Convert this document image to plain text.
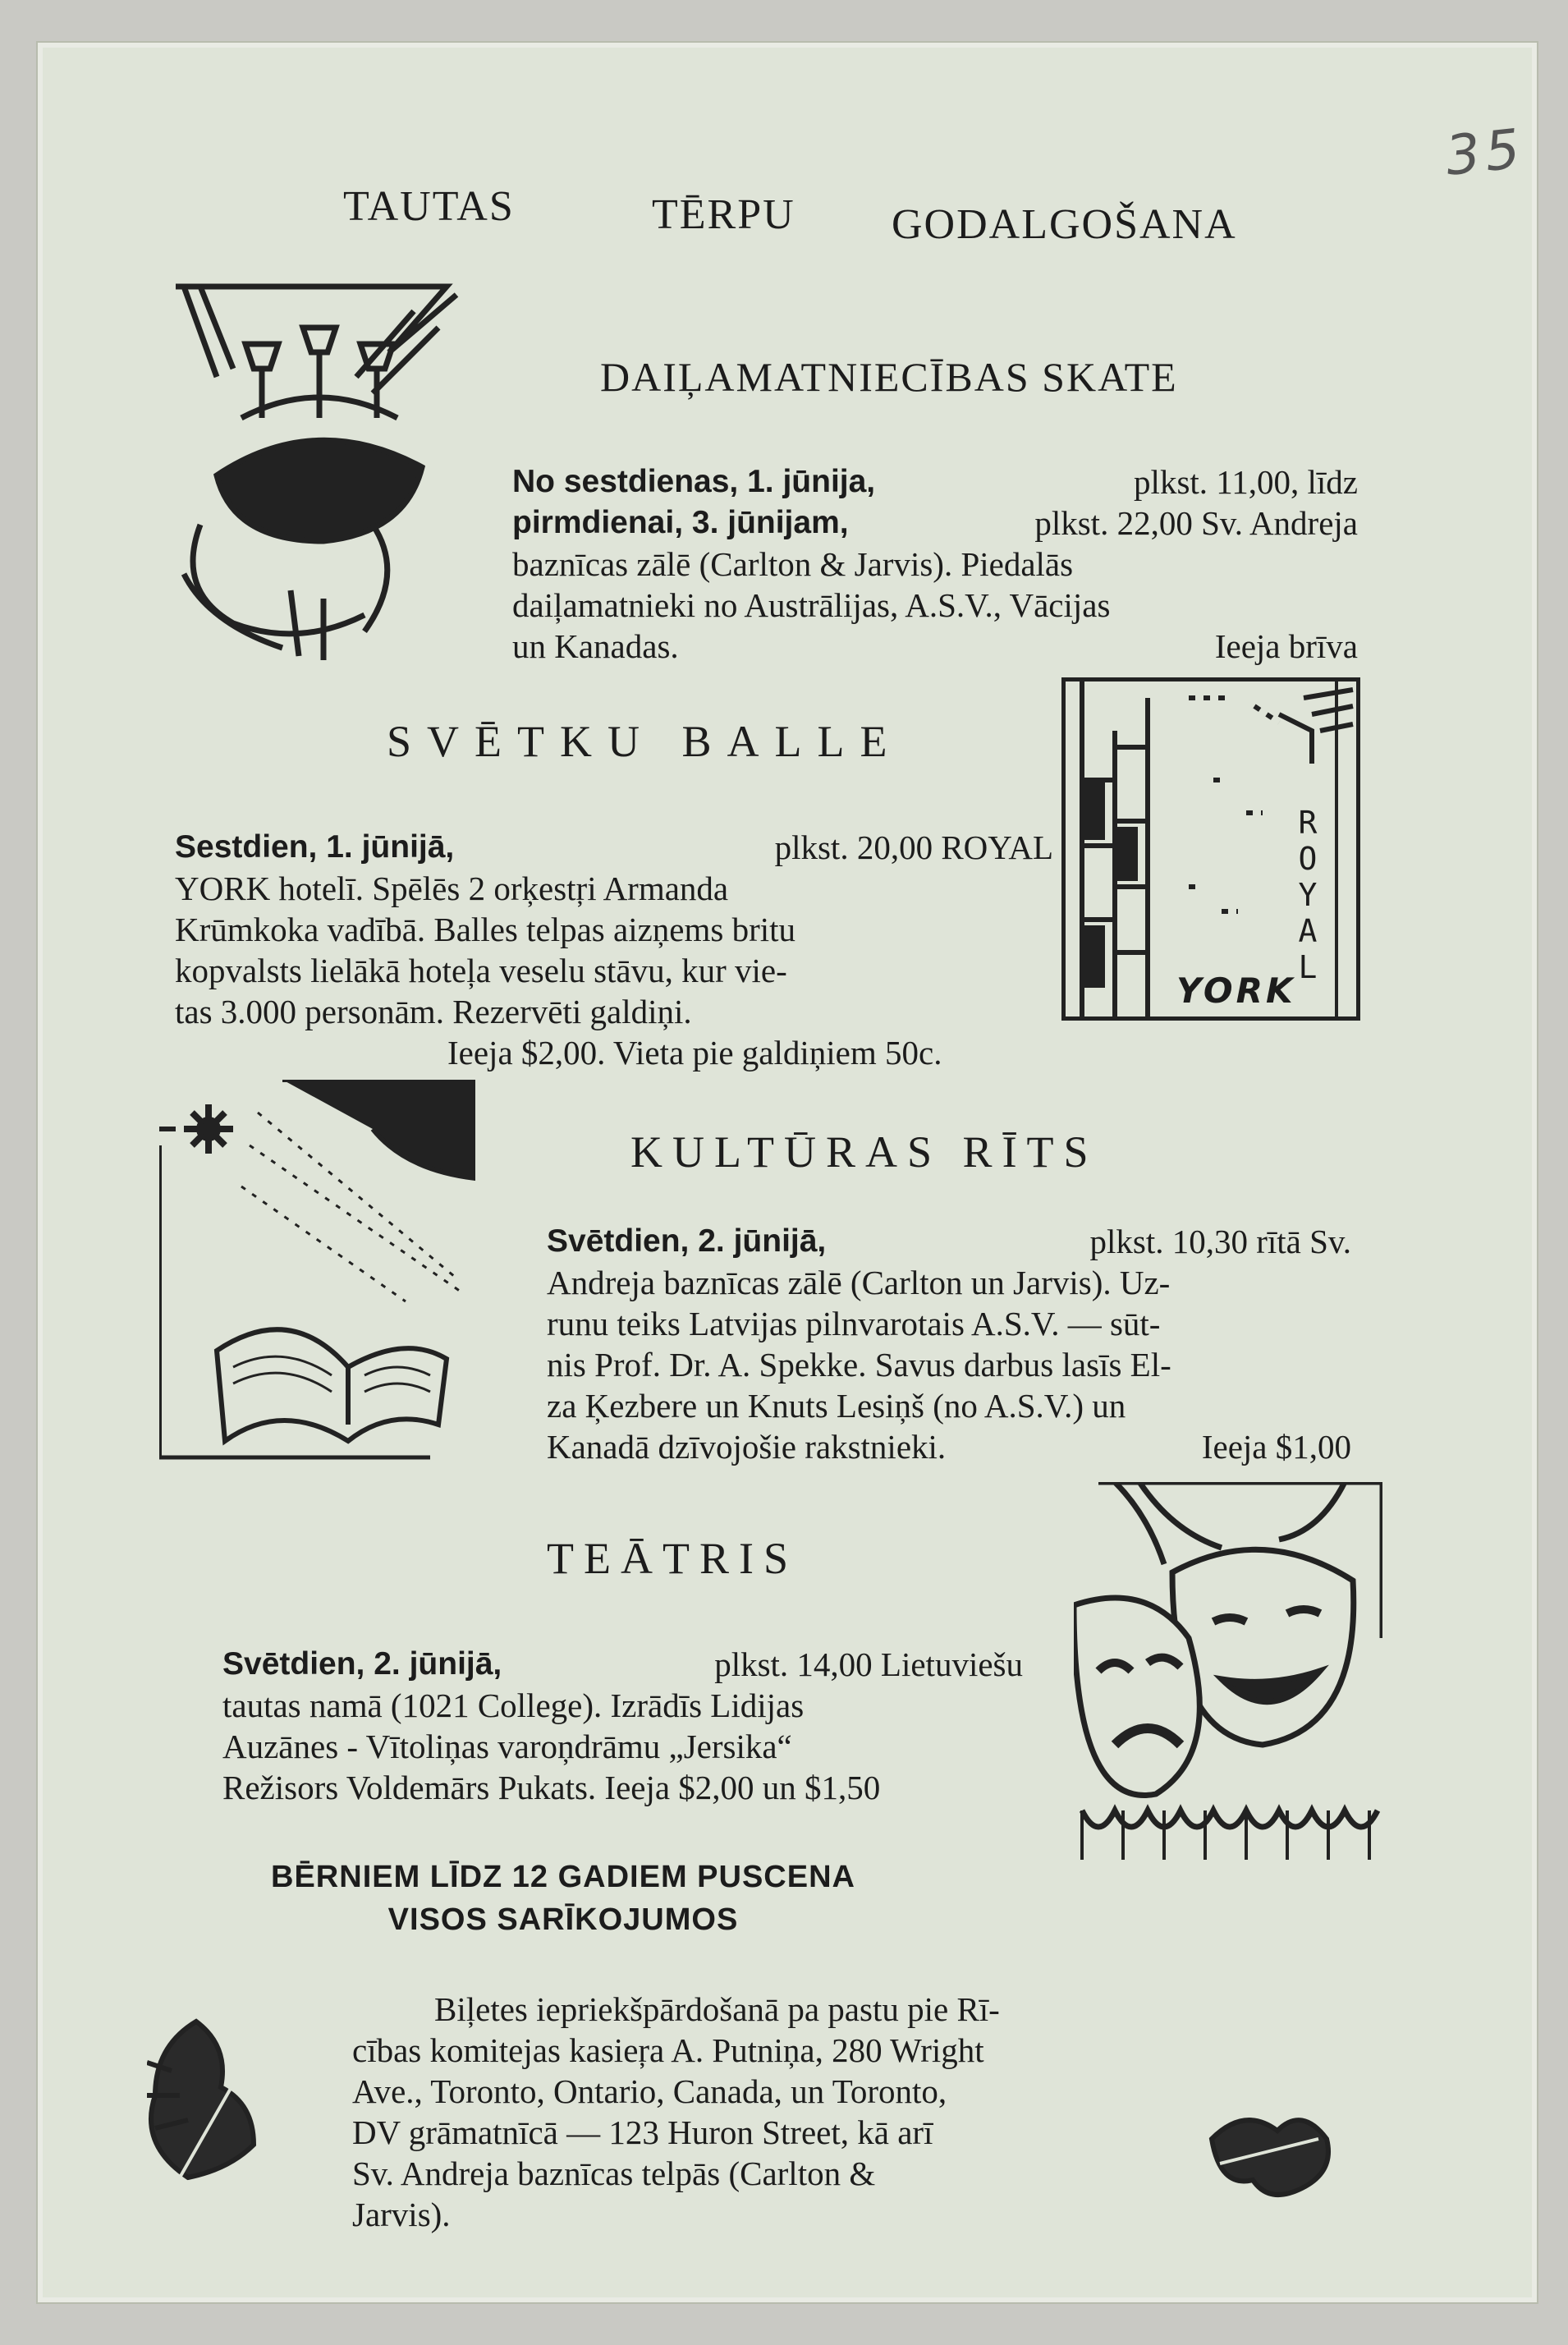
35
TAUTAS	TĒRPU GODALGOŠANA
DAIĻAMATNIECĪBAS SKATE
No sestdienas, 1. jūnija,	plkst. 11,00, līdz
pirmdienai, 3. jūnijam,	plkst. 22,00 Sv. Andreja
baznīcas zālē (Carlton & Jarvis). Piedalās
daiļamatnieki no Austrālijas, A.S.V., Vācijas
un Kanadas.	Ieeja brīva
SVĒTKU BALLE
Sestdien, 1. jūnijā,	plkst. 20,00 ROYAL
YORK hotelī. Spēlēs 2 orķestŗi Armanda
Krūmkoka vadībā. Balles telpas aizņems britu
kopvalsts lielākā hoteļa veselu stāvu, kur vie-
tas 3.000 personām. Rezervēti galdiņi.
Ieeja $2,00. Vieta pie galdiņiem 50c.
ROYAL
YORK
KULTŪRAS RĪTS
Svētdien, 2. jūnijā,	plkst. 10,30 rītā Sv.
Andreja baznīcas zālē (Carlton un Jarvis). Uz-
runu teiks Latvijas pilnvarotais A.S.V. — sūt-
nis Prof. Dr. A. Spekke. Savus darbus lasīs El-
za Ķezbere un Knuts Lesiņš (no A.S.V.) un
Kanadā dzīvojošie rakstnieki.	Ieeja $1,00
TEĀTRIS
Svētdien, 2. jūnijā,	plkst. 14,00 Lietuviešu
tautas namā (1021 College). Izrādīs Lidijas
Auzānes - Vītoliņas varoņdrāmu „Jersika“
Režisors Voldemārs Pukats. Ieeja $2,00 un $1,50
BĒRNIEM LĪDZ 12 GADIEM PUSCENA
VISOS SARĪKOJUMOS
Biļetes iepriekšpārdošanā pa pastu pie Rī-
cības komitejas kasieŗa A. Putniņa, 280 Wright
Ave., Toronto, Ontario, Canada, un Toronto,
DV grāmatnīcā — 123 Huron Street, kā arī
Sv. Andreja baznīcas telpās (Carlton &
Jarvis).
